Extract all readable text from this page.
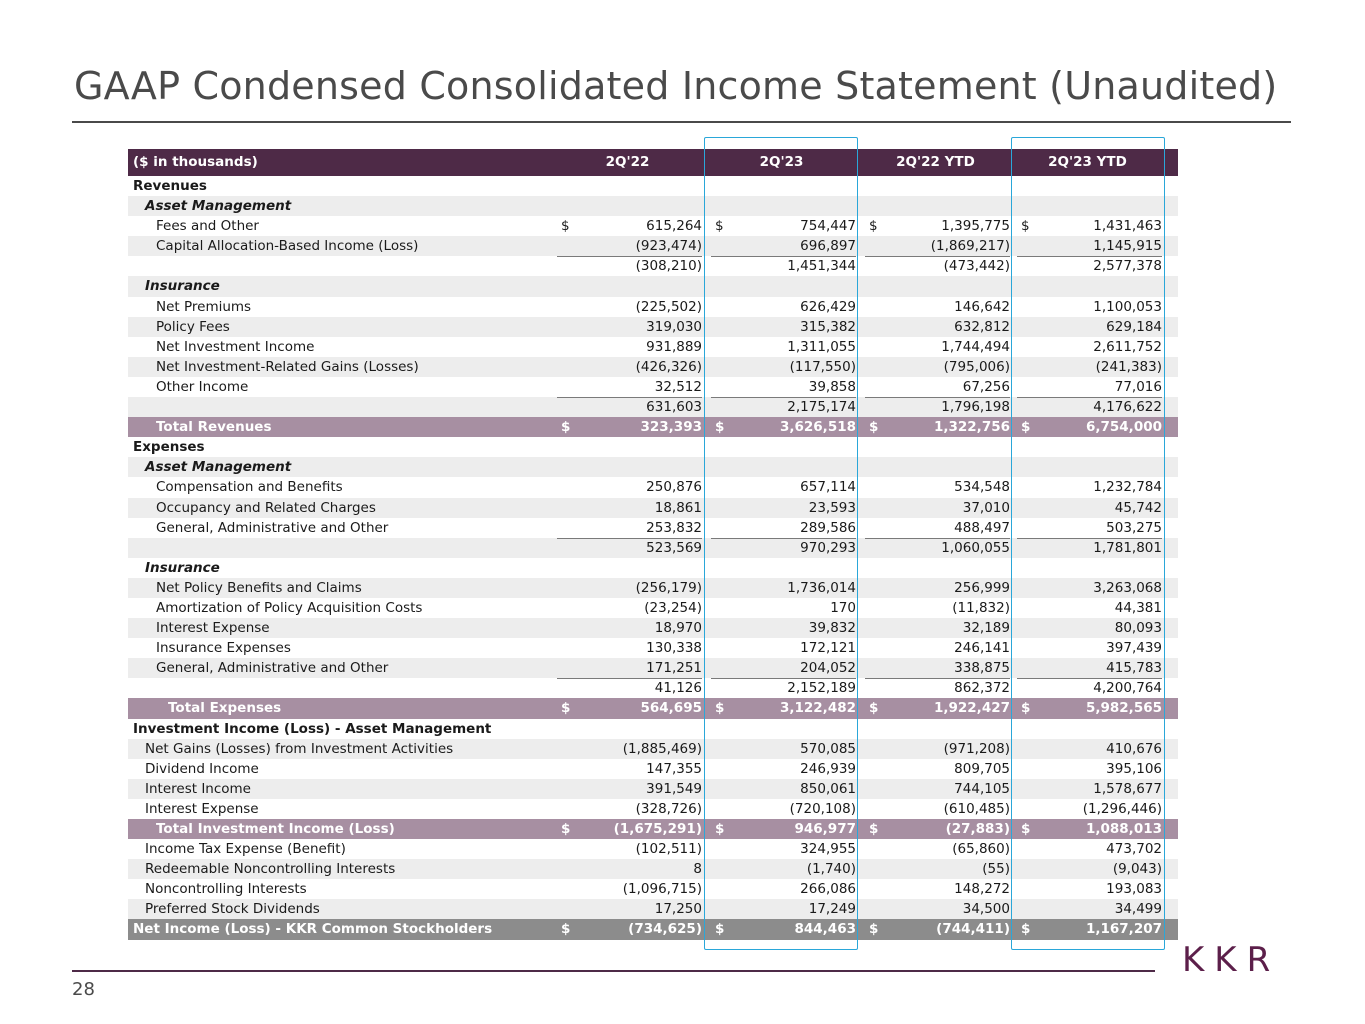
GAAP Condensed Consolidated Income Statement (Unaudited)
($ in thousands)	2Q'22	2Q'23	2Q'22 YTD	2Q'23 YTD
Revenues
Asset Management
Fees and Other	$	615,264 $	754,447 $	1,395,775 $	1,431,463
Capital Allocation-Based Income (Loss)	(923,474)	696,897	(1,869,217)	1,145,915
(308,210)	1,451,344	(473,442)	2,577,378
Insurance
Net Premiums	(225,502)	626,429	146,642	1,100,053
Policy Fees	319,030	315,382	632,812	629,184
Net Investment Income	931,889	1,311,055	1,744,494	2,611,752
Net Investment-Related Gains (Losses)	(426,326)	(117,550)	(795,006)	(241,383)
Other Income	32,512	39,858	67,256	77,016
631,603	2,175,174	1,796,198	4,176,622
Total Revenues	$	323,393 $	3,626,518 $	1,322,756 $	6,754,000
Expenses
Asset Management
Compensation and Benefits	250,876	657,114	534,548	1,232,784
Occupancy and Related Charges	18,861	23,593	37,010	45,742
General, Administrative and Other	253,832	289,586	488,497	503,275
523,569	970,293	1,060,055	1,781,801
Insurance
Net Policy Benefits and Claims	(256,179)	1,736,014	256,999	3,263,068
Amortization of Policy Acquisition Costs	(23,254)	170	(11,832)	44,381
Interest Expense	18,970	39,832	32,189	80,093
Insurance Expenses	130,338	172,121	246,141	397,439
General, Administrative and Other	171,251	204,052	338,875	415,783
41,126	2,152,189	862,372	4,200,764
Total Expenses	$	564,695 $	3,122,482 $	1,922,427 $	5,982,565
Investment Income (Loss) - Asset Management
Net Gains (Losses) from Investment Activities	(1,885,469)	570,085	(971,208)	410,676
Dividend Income	147,355	246,939	809,705	395,106
Interest Income	391,549	850,061	744,105	1,578,677
Interest Expense	(328,726)	(720,108)	(610,485)	(1,296,446)
Total Investment Income (Loss)	$	(1,675,291) $	946,977 $	(27,883) $	1,088,013
Income Tax Expense (Benefit)	(102,511)	324,955	(65,860)	473,702
Redeemable Noncontrolling Interests	8	(1,740)	(55)	(9,043)
Noncontrolling Interests	(1,096,715)	266,086	148,272	193,083
Preferred Stock Dividends	17,250	17,249	34,500	34,499
Net Income (Loss) - KKR Common Stockholders	$	(734,625) $	844,463 $	(744,411) $	1,167,207
28
KKR
